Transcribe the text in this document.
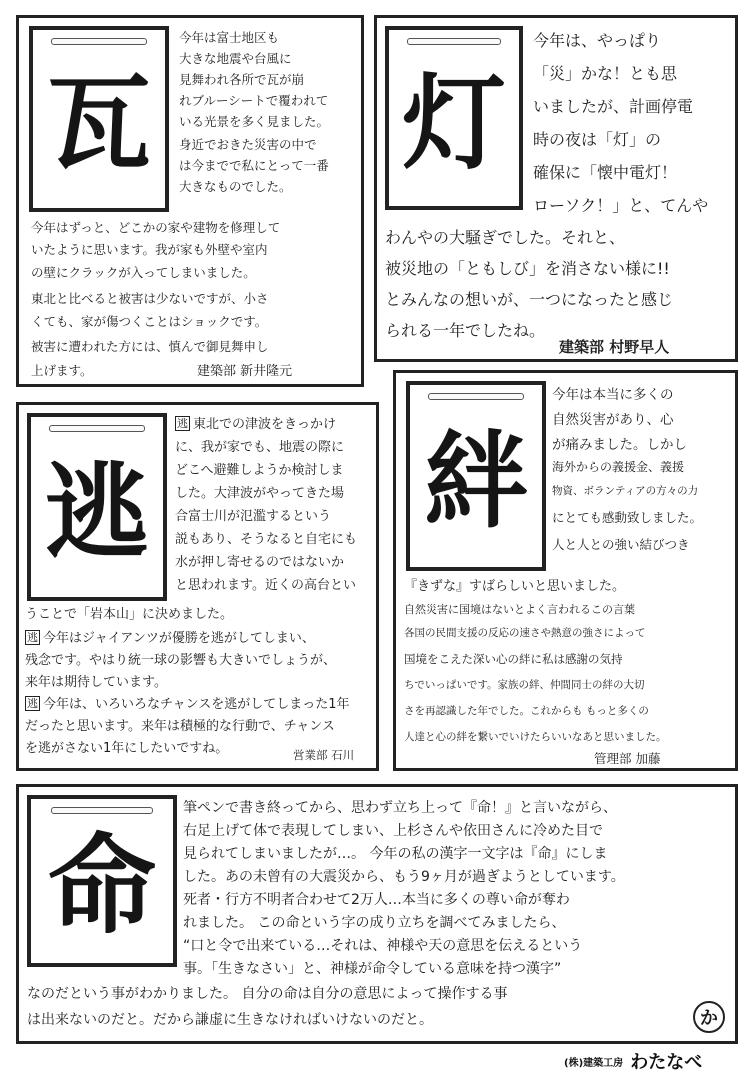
瓦
今年は富士地区も
大きな地震や台風に
見舞われ各所で瓦が崩
れブルーシートで覆われて
いる光景を多く見ました。
身近でおきた災害の中で
は今までで私にとって一番
大きなものでした。
今年はずっと、どこかの家や建物を修理して
いたように思います。我が家も外壁や室内
の壁にクラックが入ってしまいました。
東北と比べると被害は少ないですが、小さ
くても、家が傷つくことはショックです。
被害に遭われた方には、慎んで御見舞申し
上げます。	建築部 新井隆元
灯
今年は、やっぱり
「災」かな！とも思
いましたが、計画停電
時の夜は「灯」の
確保に「懐中電灯！
ローソク！」と、てんや
わんやの大騒ぎでした。それと、
被災地の「ともしび」を消さない様に!!
とみんなの想いが、一つになったと感じ
られる一年でしたね。
建築部 村野早人
逃
逃 東北での津波をきっかけ
に、我が家でも、地震の際に
どこへ避難しようか検討しま
した。大津波がやってきた場
合富士川が氾濫するという
説もあり、そうなると自宅にも
水が押し寄せるのではないか
と思われます。近くの高台とい
うことで「岩本山」に決めました。
逃 今年はジャイアンツが優勝を逃がしてしまい、
残念です。やはり統一球の影響も大きいでしょうが、
来年は期待しています。
逃 今年は、いろいろなチャンスを逃がしてしまった1年
だったと思います。来年は積極的な行動で、チャンス
を逃がさない1年にしたいですね。	営業部 石川
絆
今年は本当に多くの
自然災害があり、心
が痛みました。しかし
海外からの義援金、義援
物資、ボランティアの方々の力
にとても感動致しました。
人と人との強い結びつき
『きずな』すばらしいと思いました。
自然災害に国境はないとよく言われるこの言葉
各国の民間支援の反応の速さや熱意の強さによって
国境をこえた深い心の絆に私は感謝の気持
ちでいっぱいです。家族の絆、仲間同士の絆の大切
さを再認識した年でした。これからも もっと多くの
人達と心の絆を繋いでいけたらいいなあと思いました。
管理部 加藤
命
筆ペンで書き終ってから、思わず立ち上って『命！』と言いながら、
右足上げて体で表現してしまい、上杉さんや依田さんに冷めた目で
見られてしまいましたが…。 今年の私の漢字一文字は『命』にしま
した。あの未曾有の大震災から、もう9ヶ月が過ぎようとしています。
死者・行方不明者合わせて2万人…本当に多くの尊い命が奪わ
れました。 この命という字の成り立ちを調べてみましたら、
“口と令で出来ている…それは、神様や天の意思を伝えるという
事。「生きなさい」と、神様が命令している意味を持つ漢字”
なのだという事がわかりました。 自分の命は自分の意思によって操作する事
は出来ないのだと。だから謙虚に生きなければいけないのだと。	か
(株)建築工房 わたなべ
